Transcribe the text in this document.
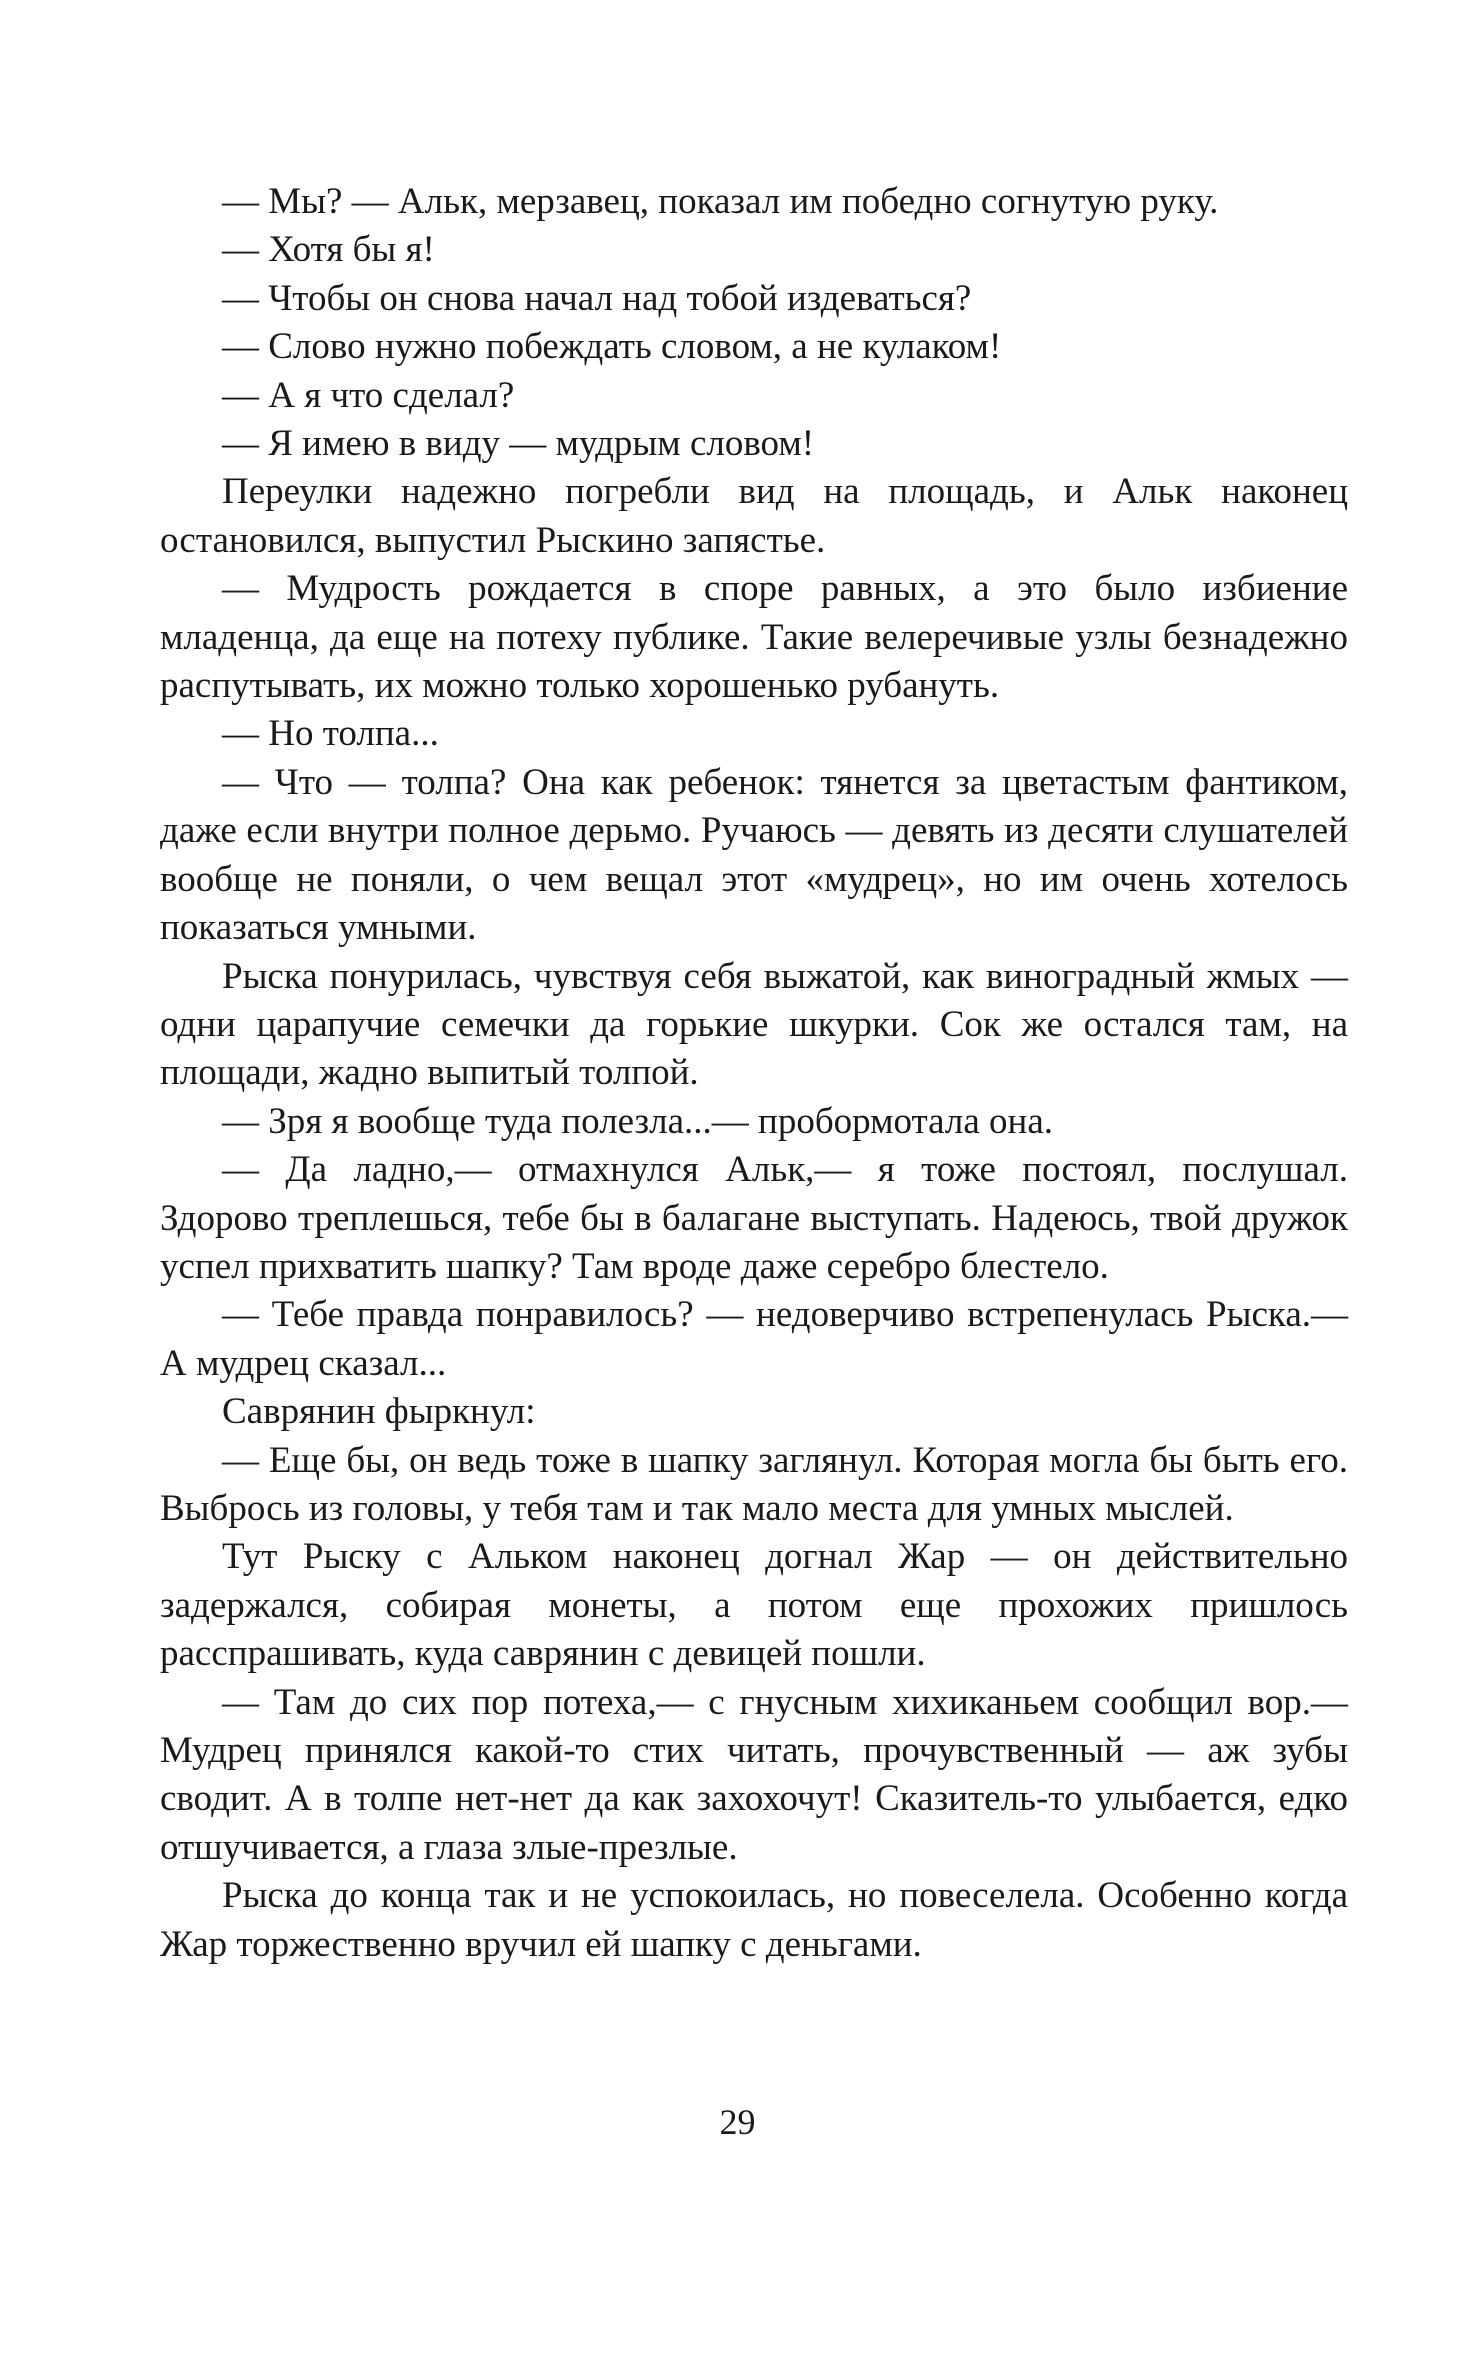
— Мы? — Альк, мерзавец, показал им победно согнутую руку.

— Хотя бы я!

— Чтобы он снова начал над тобой издеваться?

— Слово нужно побеждать словом, а не кулаком!

— А я что сделал?

— Я имею в виду — мудрым словом!

Переулки надежно погребли вид на площадь, и Альк наконец остановился, выпустил Рыскино запястье.

— Мудрость рождается в споре равных, а это было избиение младенца, да еще на потеху публике. Такие велеречивые узлы безнадежно распутывать, их можно только хорошенько рубануть.

— Но толпа...

— Что — толпа? Она как ребенок: тянется за цветастым фантиком, даже если внутри полное дерьмо. Ручаюсь — девять из десяти слушателей вообще не поняли, о чем вещал этот «мудрец», но им очень хотелось показаться умными.

Рыска понурилась, чувствуя себя выжатой, как виноградный жмых — одни царапучие семечки да горькие шкурки. Сок же остался там, на площади, жадно выпитый толпой.

— Зря я вообще туда полезла...— пробормотала она.

— Да ладно,— отмахнулся Альк,— я тоже постоял, послушал. Здорово треплешься, тебе бы в балагане выступать. Надеюсь, твой дружок успел прихватить шапку? Там вроде даже серебро блестело.

— Тебе правда понравилось? — недоверчиво встрепенулась Рыска.— А мудрец сказал...

Саврянин фыркнул:

— Еще бы, он ведь тоже в шапку заглянул. Которая могла бы быть его. Выбрось из головы, у тебя там и так мало места для умных мыслей.

Тут Рыску с Альком наконец догнал Жар — он действительно задержался, собирая монеты, а потом еще прохожих пришлось расспрашивать, куда саврянин с девицей пошли.

— Там до сих пор потеха,— с гнусным хихиканьем сообщил вор.— Мудрец принялся какой-то стих читать, прочувственный — аж зубы сводит. А в толпе нет-нет да как захохочут! Сказитель-то улыбается, едко отшучивается, а глаза злые-презлые.

Рыска до конца так и не успокоилась, но повеселела. Особенно когда Жар торжественно вручил ей шапку с деньгами.

29
